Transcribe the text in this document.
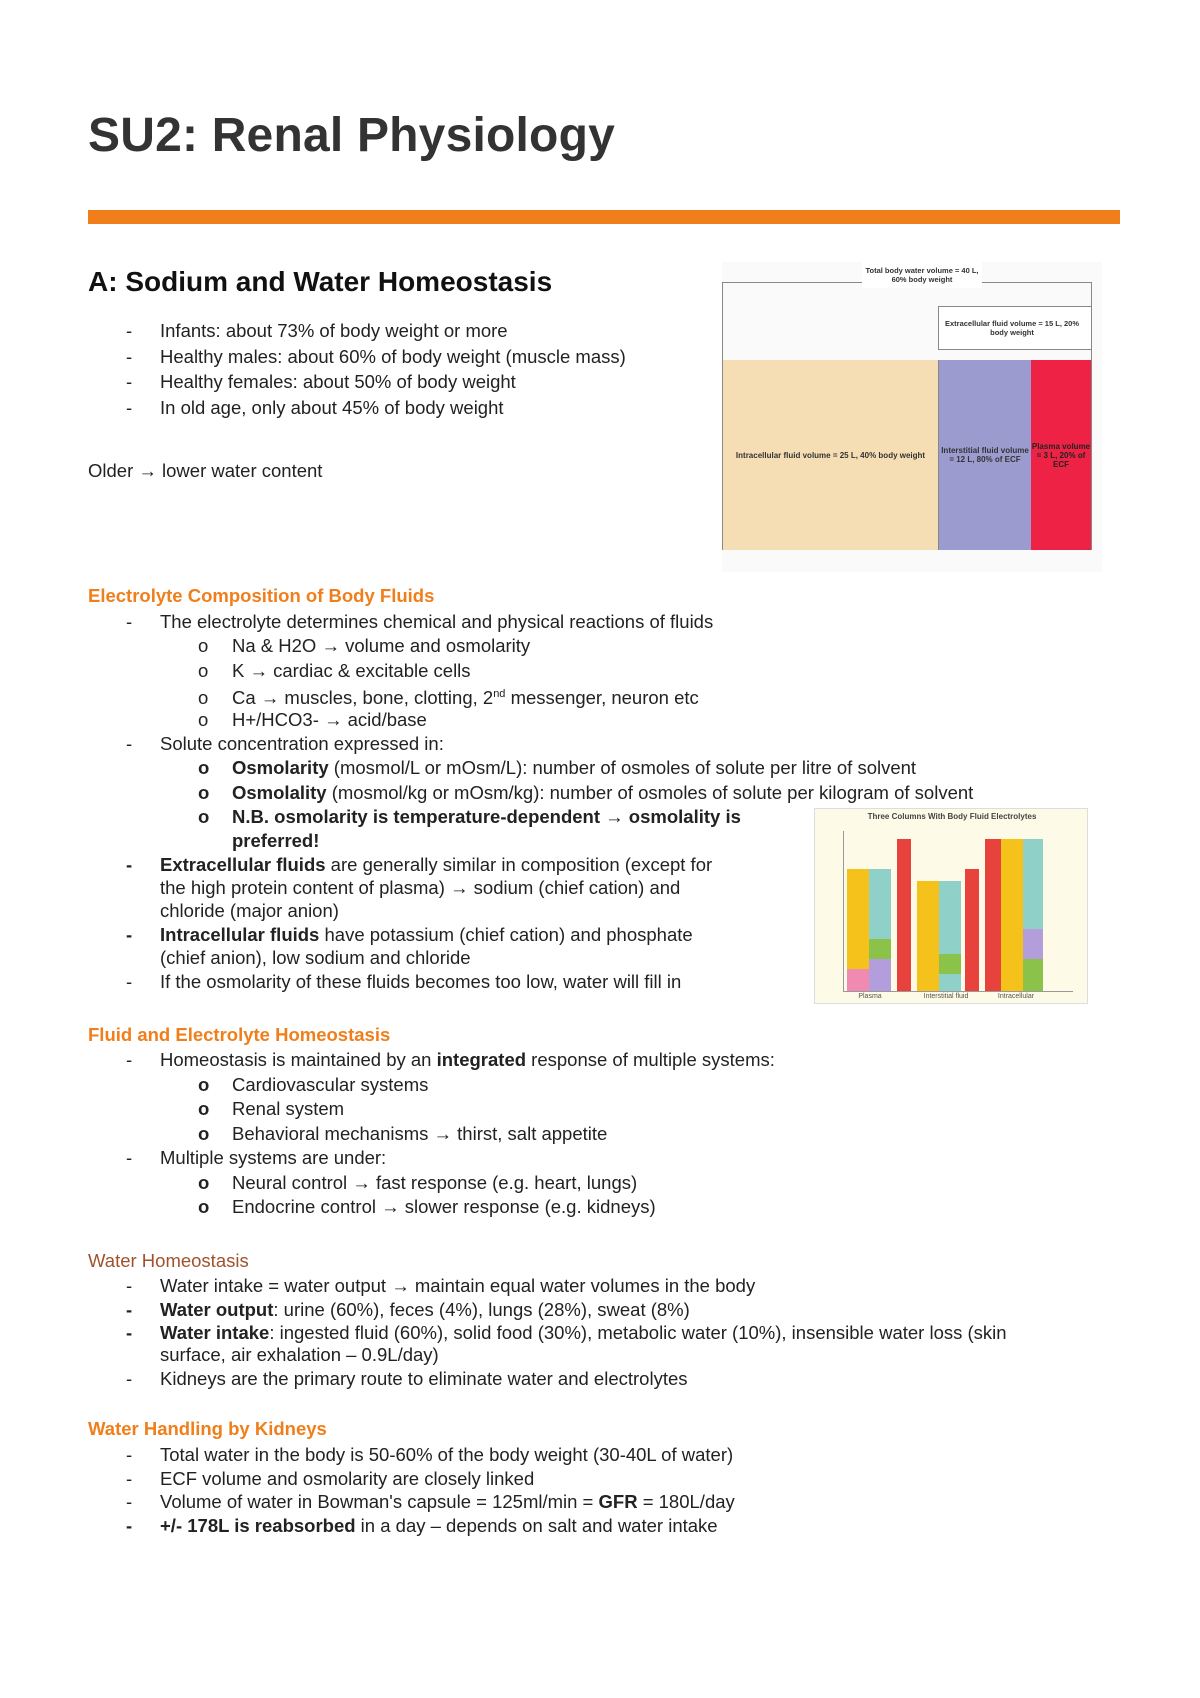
SU2: Renal Physiology
A: Sodium and Water Homeostasis
- Infants: about 73% of body weight or more
- Healthy males: about 60% of body weight (muscle mass)
- Healthy females: about 50% of body weight
- In old age, only about 45% of body weight
Older → lower water content
Total body water volume = 40 L, 60% body weight
Extracellular fluid volume = 15 L, 20% body weight
Intracellular fluid volume = 25 L, 40% body weight	Interstitial fluid volume = 12 L, 80% of ECF
Plasma volume = 3 L, 20% of ECF
Electrolyte Composition of Body Fluids
- The electrolyte determines chemical and physical reactions of fluids
o Na & H2O → volume and osmolarity
o K → cardiac & excitable cells
o Ca → muscles, bone, clotting, 2nd messenger, neuron etc
o H+/HCO3- → acid/base
- Solute concentration expressed in:
o Osmolarity (mosmol/L or mOsm/L): number of osmoles of solute per litre of solvent
o Osmolality (mosmol/kg or mOsm/kg): number of osmoles of solute per kilogram of solvent
o N.B. osmolarity is temperature-dependent → osmolality is
preferred!
- Extracellular fluids are generally similar in composition (except for
the high protein content of plasma) → sodium (chief cation) and
chloride (major anion)
- Intracellular fluids have potassium (chief cation) and phosphate
(chief anion), low sodium and chloride
- If the osmolarity of these fluids becomes too low, water will fill in
Three Columns With Body Fluid Electrolytes
Plasma	Interstitial fluid	Intracellular
Fluid and Electrolyte Homeostasis
- Homeostasis is maintained by an integrated response of multiple systems:
o Cardiovascular systems
o Renal system
o Behavioral mechanisms → thirst, salt appetite
- Multiple systems are under:
o Neural control → fast response (e.g. heart, lungs)
o Endocrine control → slower response (e.g. kidneys)
Water Homeostasis
- Water intake = water output → maintain equal water volumes in the body
- Water output: urine (60%), feces (4%), lungs (28%), sweat (8%)
- Water intake: ingested fluid (60%), solid food (30%), metabolic water (10%), insensible water loss (skin
surface, air exhalation – 0.9L/day)
- Kidneys are the primary route to eliminate water and electrolytes
Water Handling by Kidneys
- Total water in the body is 50-60% of the body weight (30-40L of water)
- ECF volume and osmolarity are closely linked
- Volume of water in Bowman's capsule = 125ml/min = GFR = 180L/day
- +/- 178L is reabsorbed in a day – depends on salt and water intake
